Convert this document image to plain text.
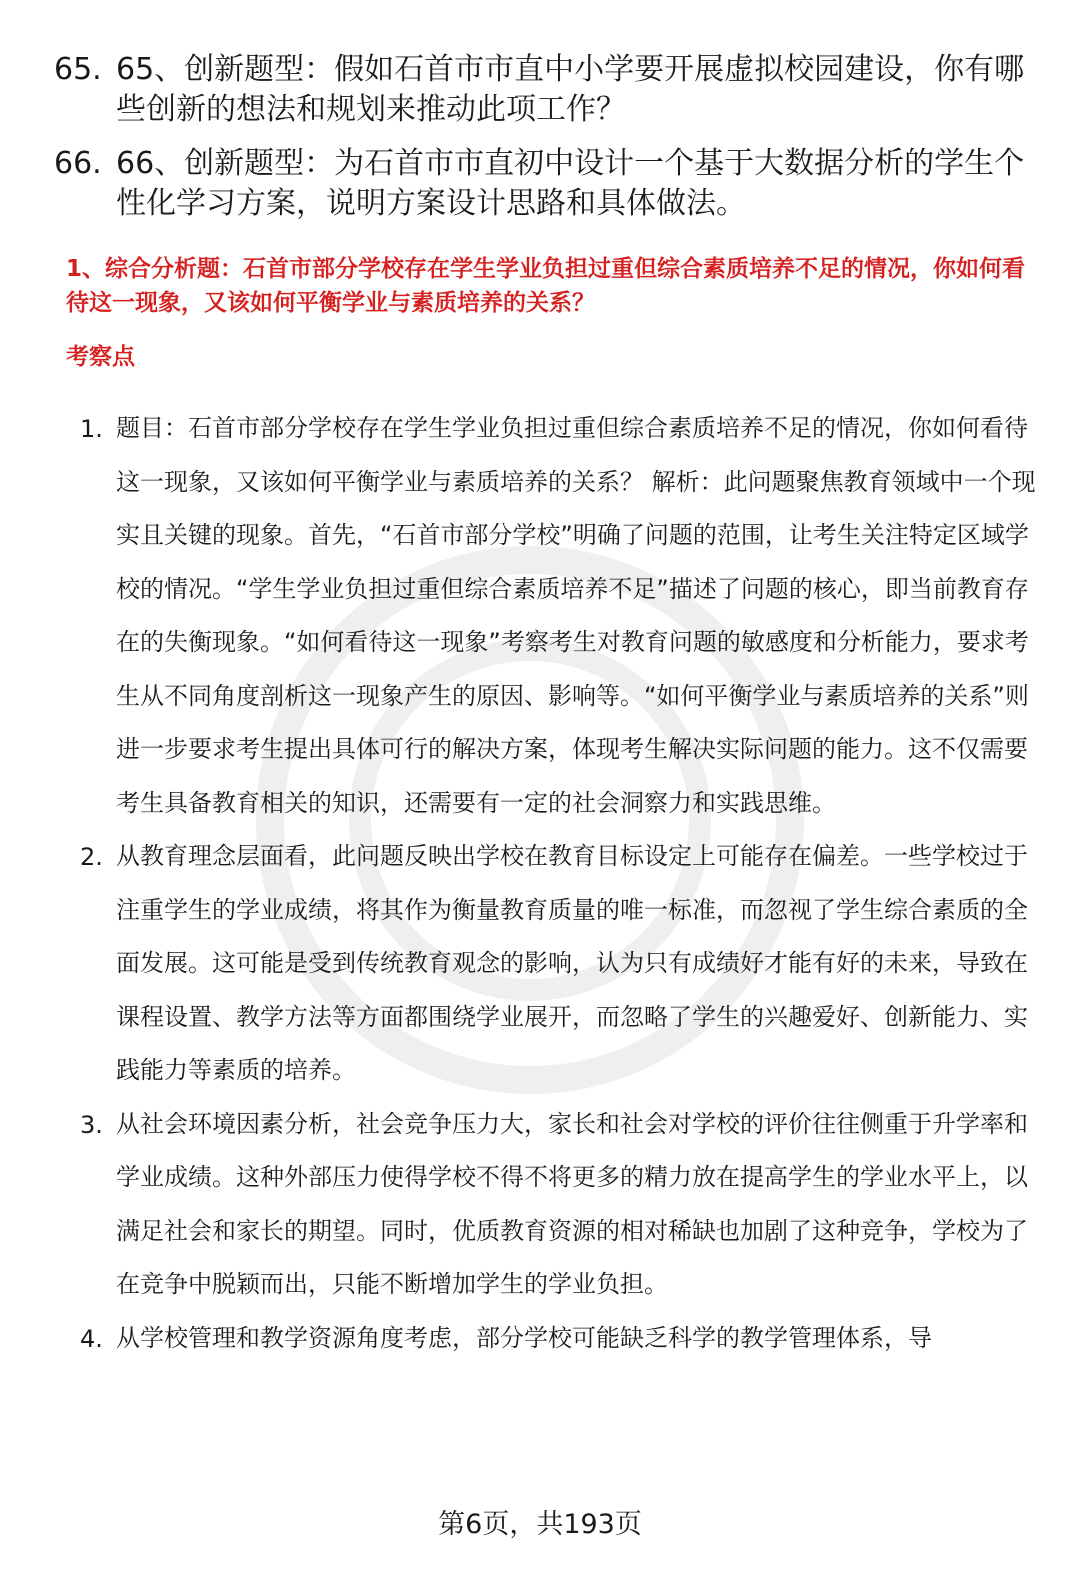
65. 65、创新题型：假如石首市市直中小学要开展虚拟校园建设，你有哪些创新的想法和规划来推动此项工作？
66. 66、创新题型：为石首市市直初中设计一个基于大数据分析的学生个性化学习方案，说明方案设计思路和具体做法。
1、综合分析题：石首市部分学校存在学生学业负担过重但综合素质培养不足的情况，你如何看待这一现象，又该如何平衡学业与素质培养的关系？
考察点
1. 题目：石首市部分学校存在学生学业负担过重但综合素质培养不足的情况，你如何看待这一现象，又该如何平衡学业与素质培养的关系？ 解析：此问题聚焦教育领域中一个现实且关键的现象。首先，“石首市部分学校”明确了问题的范围，让考生关注特定区域学校的情况。“学生学业负担过重但综合素质培养不足”描述了问题的核心，即当前教育存在的失衡现象。“如何看待这一现象”考察考生对教育问题的敏感度和分析能力，要求考生从不同角度剖析这一现象产生的原因、影响等。“如何平衡学业与素质培养的关系”则进一步要求考生提出具体可行的解决方案，体现考生解决实际问题的能力。这不仅需要考生具备教育相关的知识，还需要有一定的社会洞察力和实践思维。
2. 从教育理念层面看，此问题反映出学校在教育目标设定上可能存在偏差。一些学校过于注重学生的学业成绩，将其作为衡量教育质量的唯一标准，而忽视了学生综合素质的全面发展。这可能是受到传统教育观念的影响，认为只有成绩好才能有好的未来，导致在课程设置、教学方法等方面都围绕学业展开，而忽略了学生的兴趣爱好、创新能力、实践能力等素质的培养。
3. 从社会环境因素分析，社会竞争压力大，家长和社会对学校的评价往往侧重于升学率和学业成绩。这种外部压力使得学校不得不将更多的精力放在提高学生的学业水平上，以满足社会和家长的期望。同时，优质教育资源的相对稀缺也加剧了这种竞争，学校为了在竞争中脱颖而出，只能不断增加学生的学业负担。
4. 从学校管理和教学资源角度考虑，部分学校可能缺乏科学的教学管理体系，导
第6页，共193页
